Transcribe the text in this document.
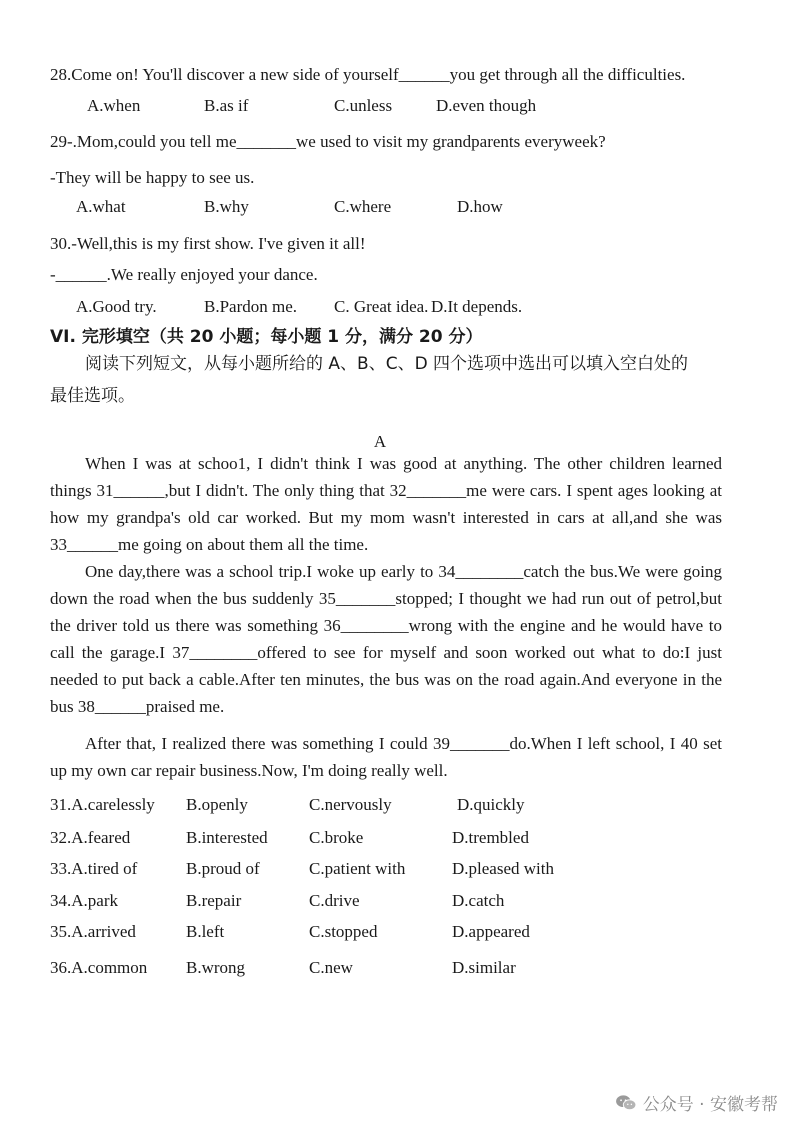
28.Come on! You'll discover a new side of yourself______you get through all the difficulties.
A.when	B.as if	C.unless	D.even though
29-.Mom,could you tell me_______we used to visit my grandparents everyweek?
-They will be happy to see us.
A.what	B.why	C.where	D.how
30.-Well,this is my first show. I've given it all!
-______.We really enjoyed your dance.
A.Good try.	B.Pardon me. C. Great idea. D.It depends.
VI. 完形填空（共 20 小题；每小题 1 分，满分 20 分）
阅读下列短文，从每小题所给的 A、B、C、D 四个选项中选出可以填入空白处的
最佳选项。
A

When I was at schoo1, I didn't think I was good at anything. The other children learned things 31______,but I didn't. The only thing that 32_______me were cars. I spent ages looking at how my grandpa's old car worked. But my mom wasn't interested in cars at all,and she was 33______me going on about them all the time.

One day,there was a school trip.I woke up early to 34________catch the bus.We were going down the road when the bus suddenly 35_______stopped; I thought we had run out of petrol,but the driver told us there was something 36________wrong with the engine and he would have to call the garage.I 37________offered to see for myself and soon worked out what to do:I just needed to put back a cable.After ten minutes, the bus was on the road again.And everyone in the bus 38______praised me.

After that, I realized there was something I could 39_______do.When I left school, I 40 set up my own car repair business.Now, I'm doing really well.

31.A.carelessly B.openly	C.nervously	D.quickly
32.A.feared	B.interested C.broke	D.trembled
33.A.tired of	B.proud of	C.patient with	D.pleased with
34.A.park	B.repair	C.drive	D.catch
35.A.arrived	B.left	C.stopped	D.appeared
36.A.common B.wrong	C.new	D.similar
公众号 · 安徽考帮
